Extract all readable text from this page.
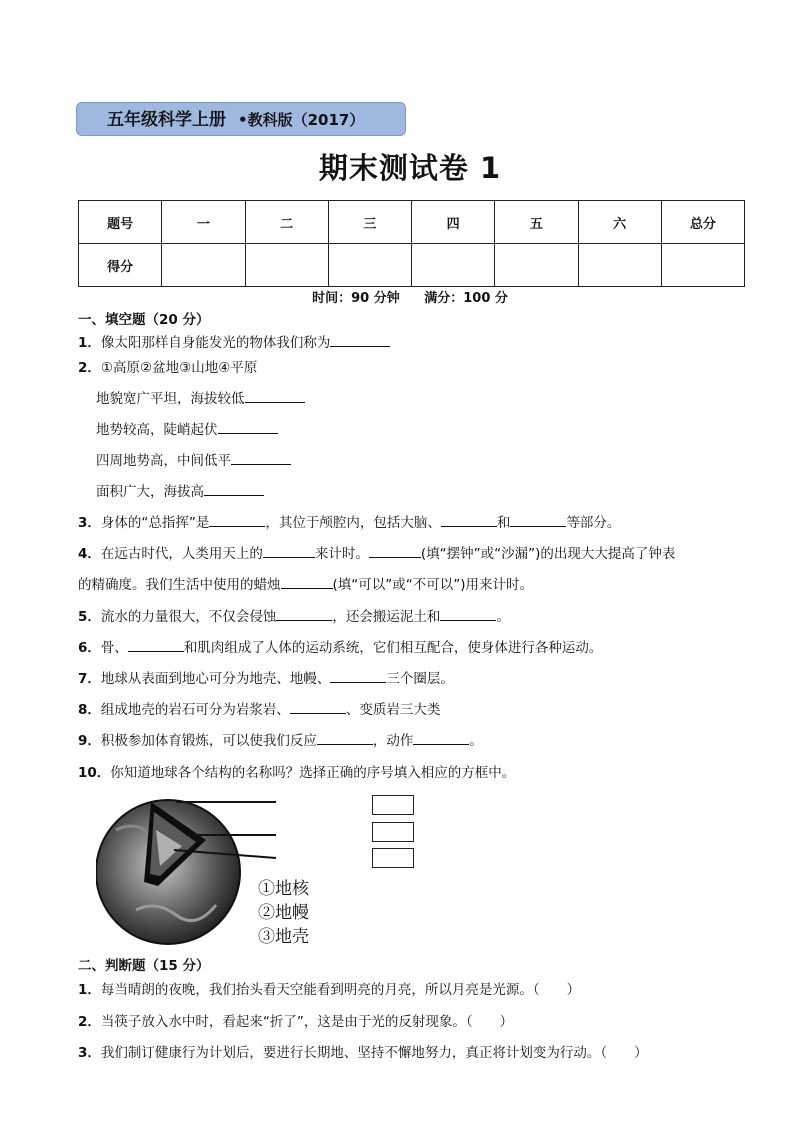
五年级科学上册 •教科版（2017）
期末测试卷 1
题号	一	二	三	四	五	六	总分
得分							
时间：90 分钟 满分：100 分
一、填空题（20 分）
1．像太阳那样自身能发光的物体我们称为
2．①高原②盆地③山地④平原
地貌宽广平坦，海拔较低
地势较高，陡峭起伏
四周地势高，中间低平
面积广大，海拔高
3．身体的“总指挥”是	，其位于颅腔内，包括大脑、	和	等部分。
4．在远古时代，人类用天上的	来计时。	(填“摆钟”或“沙漏”)的出现大大提高了钟表
的精确度。我们生活中使用的蜡烛	(填“可以”或“不可以”)用来计时。
5．流水的力量很大，不仅会侵蚀	，还会搬运泥土和	。
6．骨、	和肌肉组成了人体的运动系统，它们相互配合，使身体进行各种运动。
7．地球从表面到地心可分为地壳、地幔、	三个圈层。
8．组成地壳的岩石可分为岩浆岩、	、变质岩三大类
9．积极参加体育锻炼，可以使我们反应	，动作	。
10．你知道地球各个结构的名称吗？选择正确的序号填入相应的方框中。
①地核
②地幔
③地壳
二、判断题（15 分）
1．每当晴朗的夜晚，我们抬头看天空能看到明亮的月亮，所以月亮是光源。（　　）
2．当筷子放入水中时，看起来“折了”，这是由于光的反射现象。（　　）
3．我们制订健康行为计划后，要进行长期地、坚持不懈地努力，真正将计划变为行动。（　　）
